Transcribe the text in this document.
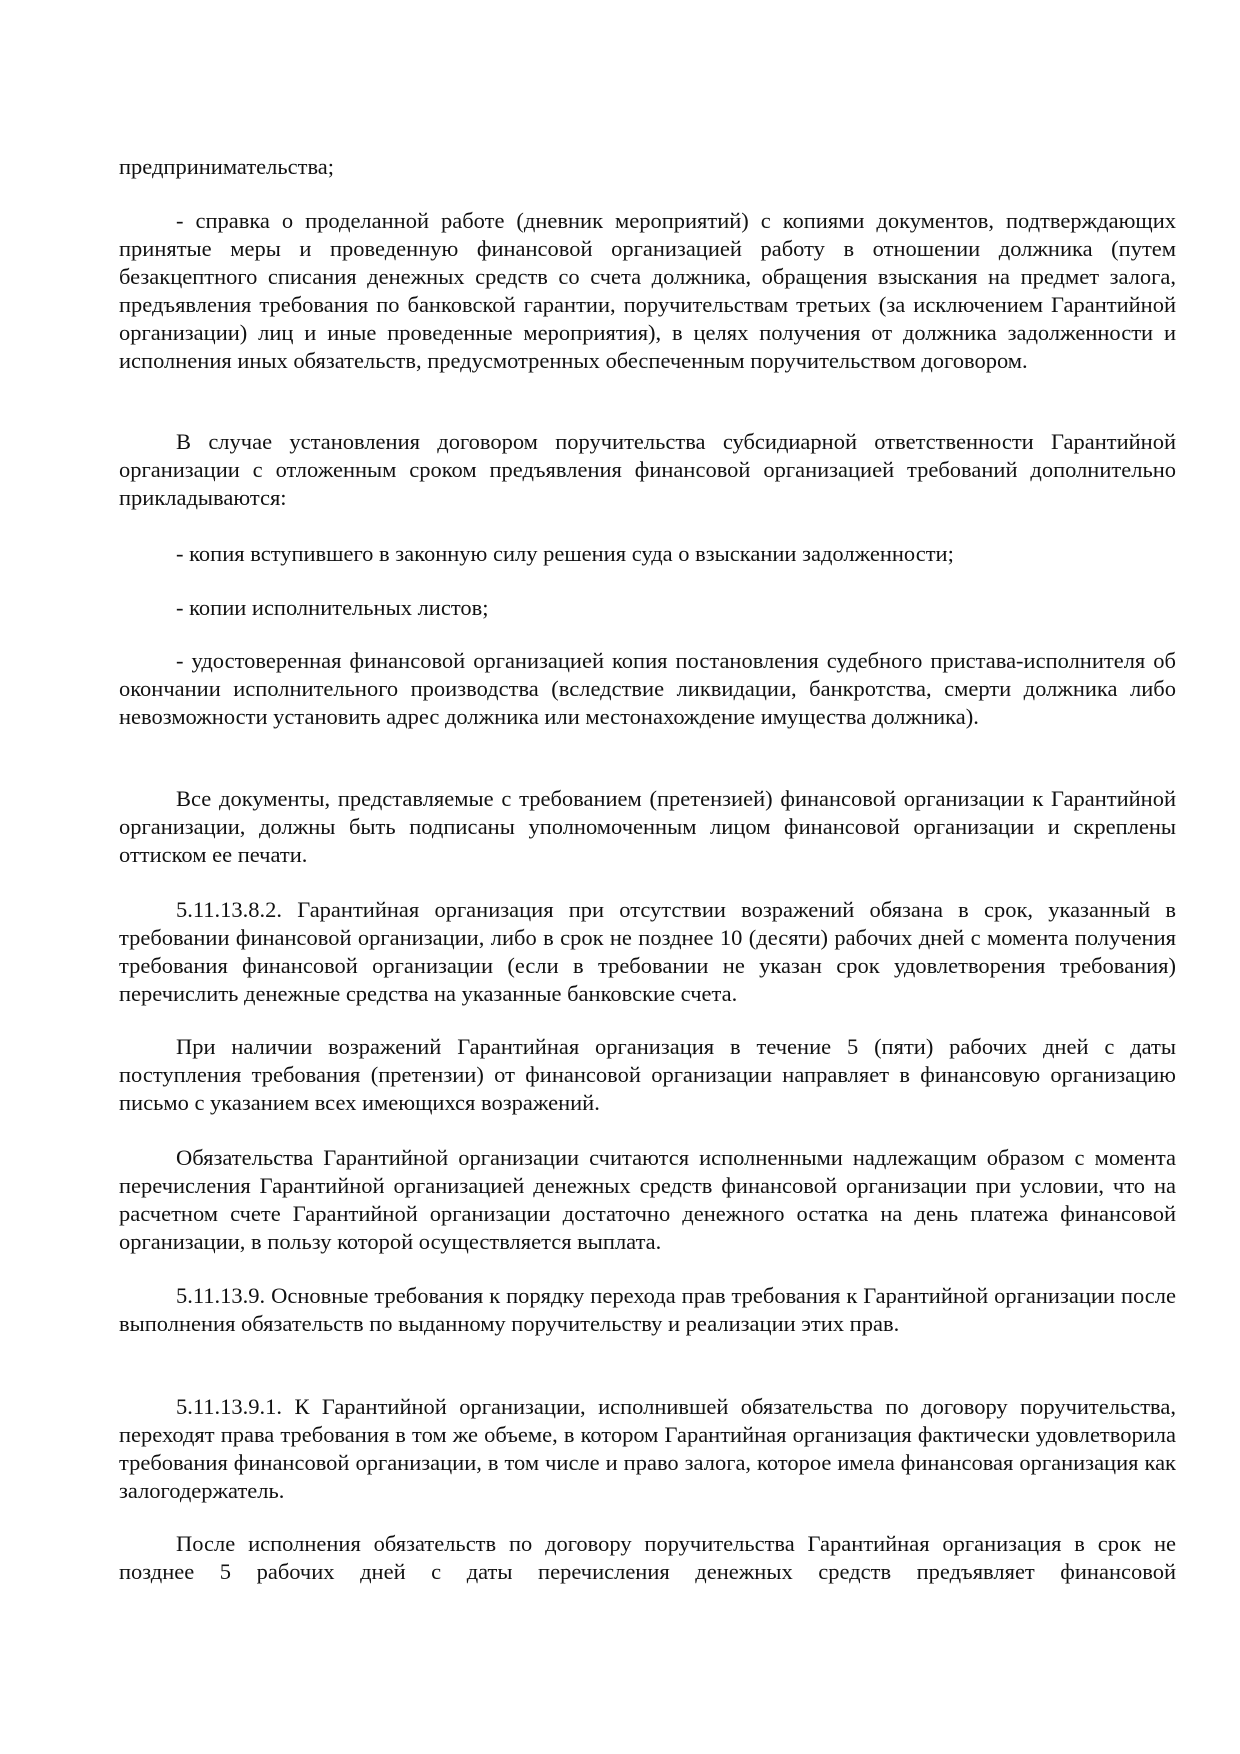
предпринимательства;

- справка о проделанной работе (дневник мероприятий) с копиями документов, подтверждающих принятые меры и проведенную финансовой организацией работу в отношении должника (путем безакцептного списания денежных средств со счета должника, обращения взыскания на предмет залога, предъявления требования по банковской гарантии, поручительствам третьих (за исключением Гарантийной организации) лиц и иные проведенные мероприятия), в целях получения от должника задолженности и исполнения иных обязательств, предусмотренных обеспеченным поручительством договором.

В случае установления договором поручительства субсидиарной ответственности Гарантийной организации с отложенным сроком предъявления финансовой организацией требований дополнительно прикладываются:

- копия вступившего в законную силу решения суда о взыскании задолженности;

- копии исполнительных листов;

- удостоверенная финансовой организацией копия постановления судебного пристава-исполнителя об окончании исполнительного производства (вследствие ликвидации, банкротства, смерти должника либо невозможности установить адрес должника или местонахождение имущества должника).

Все документы, представляемые с требованием (претензией) финансовой организации к Гарантийной организации, должны быть подписаны уполномоченным лицом финансовой организации и скреплены оттиском ее печати.

5.11.13.8.2. Гарантийная организация при отсутствии возражений обязана в срок, указанный в требовании финансовой организации, либо в срок не позднее 10 (десяти) рабочих дней с момента получения требования финансовой организации (если в требовании не указан срок удовлетворения требования) перечислить денежные средства на указанные банковские счета.

При наличии возражений Гарантийная организация в течение 5 (пяти) рабочих дней с даты поступления требования (претензии) от финансовой организации направляет в финансовую организацию письмо с указанием всех имеющихся возражений.

Обязательства Гарантийной организации считаются исполненными надлежащим образом с момента перечисления Гарантийной организацией денежных средств финансовой организации при условии, что на расчетном счете Гарантийной организации достаточно денежного остатка на день платежа финансовой организации, в пользу которой осуществляется выплата.

5.11.13.9. Основные требования к порядку перехода прав требования к Гарантийной организации после выполнения обязательств по выданному поручительству и реализации этих прав.

5.11.13.9.1. К Гарантийной организации, исполнившей обязательства по договору поручительства, переходят права требования в том же объеме, в котором Гарантийная организация фактически удовлетворила требования финансовой организации, в том числе и право залога, которое имела финансовая организация как залогодержатель.

После исполнения обязательств по договору поручительства Гарантийная организация в срок не позднее 5 рабочих дней с даты перечисления денежных средств предъявляет финансовой
